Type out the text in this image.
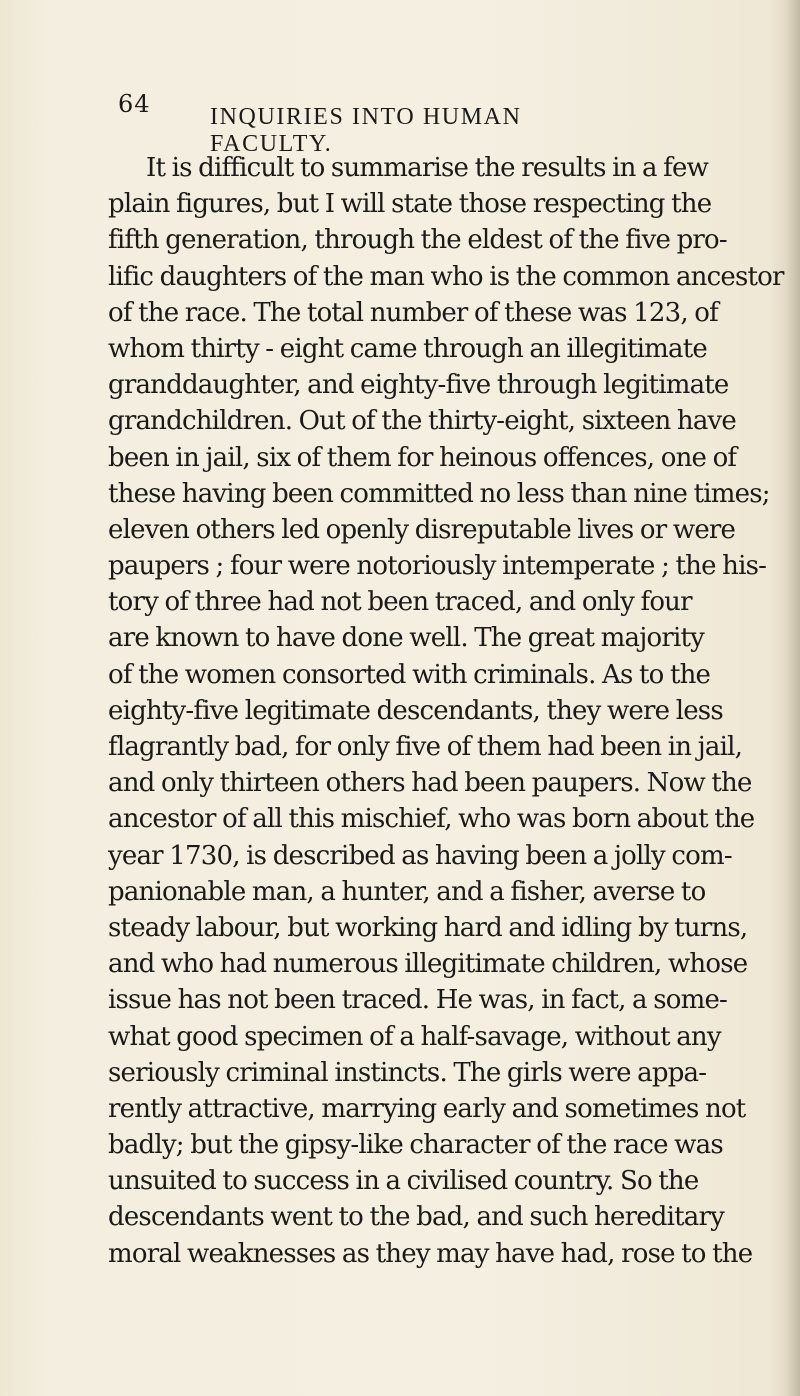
64 INQUIRIES INTO HUMAN FACULTY.
It is difficult to summarise the results in a few
plain figures, but I will state those respecting the
fifth generation, through the eldest of the five pro-
lific daughters of the man who is the common ancestor
of the race. The total number of these was 123, of
whom thirty - eight came through an illegitimate
granddaughter, and eighty-five through legitimate
grandchildren. Out of the thirty-eight, sixteen have
been in jail, six of them for heinous offences, one of
these having been committed no less than nine times;
eleven others led openly disreputable lives or were
paupers ; four were notoriously intemperate ; the his-
tory of three had not been traced, and only four
are known to have done well. The great majority
of the women consorted with criminals. As to the
eighty-five legitimate descendants, they were less
flagrantly bad, for only five of them had been in jail,
and only thirteen others had been paupers. Now the
ancestor of all this mischief, who was born about the
year 1730, is described as having been a jolly com-
panionable man, a hunter, and a fisher, averse to
steady labour, but working hard and idling by turns,
and who had numerous illegitimate children, whose
issue has not been traced. He was, in fact, a some-
what good specimen of a half-savage, without any
seriously criminal instincts. The girls were appa-
rently attractive, marrying early and sometimes not
badly; but the gipsy-like character of the race was
unsuited to success in a civilised country. So the
descendants went to the bad, and such hereditary
moral weaknesses as they may have had, rose to the
